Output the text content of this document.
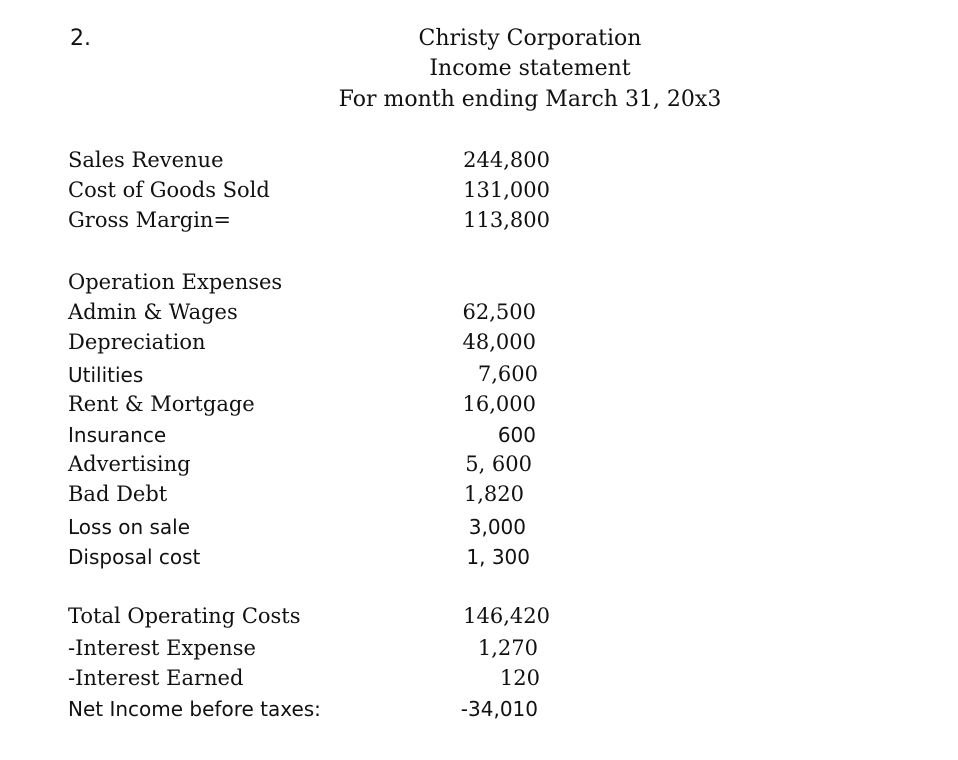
2.	Christy Corporation
Income statement
For month ending March 31, 20x3
Sales Revenue	244,800
Cost of Goods Sold	131,000
Gross Margin=	113,800
Operation Expenses
Admin & Wages	62,500
Depreciation	48,000
Utilities	7,600
Rent & Mortgage	16,000
Insurance	600
Advertising	5, 600
Bad Debt	1,820
Loss on sale	3,000
Disposal cost	1, 300
Total Operating Costs	146,420
-Interest Expense	1,270
-Interest Earned	120
Net Income before taxes:	-34,010
